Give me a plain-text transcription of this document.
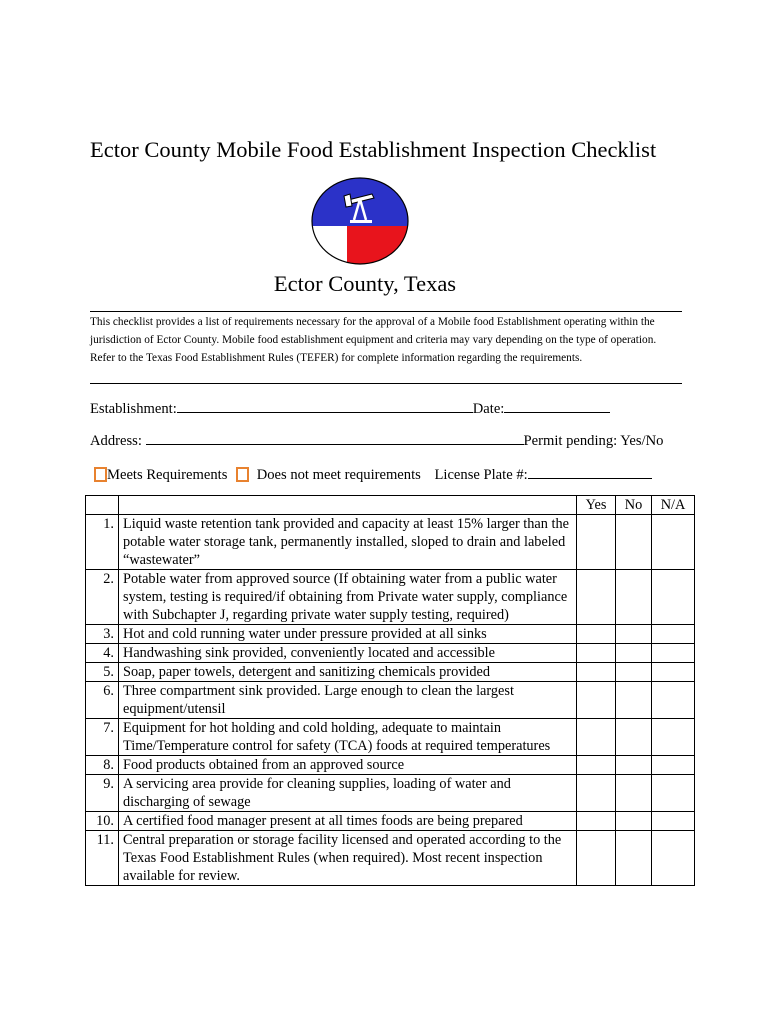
Ector County Mobile Food Establishment Inspection Checklist
Ector County, Texas
This checklist provides a list of requirements necessary for the approval of a Mobile food Establishment operating within the jurisdiction of Ector County. Mobile food establishment equipment and criteria may vary depending on the type of operation. Refer to the Texas Food Establishment Rules (TEFER) for complete information regarding the requirements.
Establishment:	Date:
Address:	Permit pending: Yes/No
Meets Requirements Does not meet requirements License Plate #:
		Yes	No	N/A
1.	Liquid waste retention tank provided and capacity at least 15% larger than the potable water storage tank, permanently installed, sloped to drain and labeled “wastewater”			
2.	Potable water from approved source (If obtaining water from a public water system, testing is required/if obtaining from Private water supply, compliance with Subchapter J, regarding private water supply testing, required)			
3.	Hot and cold running water under pressure provided at all sinks			
4.	Handwashing sink provided, conveniently located and accessible			
5.	Soap, paper towels, detergent and sanitizing chemicals provided			
6.	Three compartment sink provided. Large enough to clean the largest equipment/utensil			
7.	Equipment for hot holding and cold holding, adequate to maintain Time/Temperature control for safety (TCA) foods at required temperatures			
8.	Food products obtained from an approved source			
9.	A servicing area provide for cleaning supplies, loading of water and discharging of sewage			
10.	A certified food manager present at all times foods are being prepared			
11.	Central preparation or storage facility licensed and operated according to the Texas Food Establishment Rules (when required). Most recent inspection available for review.			
